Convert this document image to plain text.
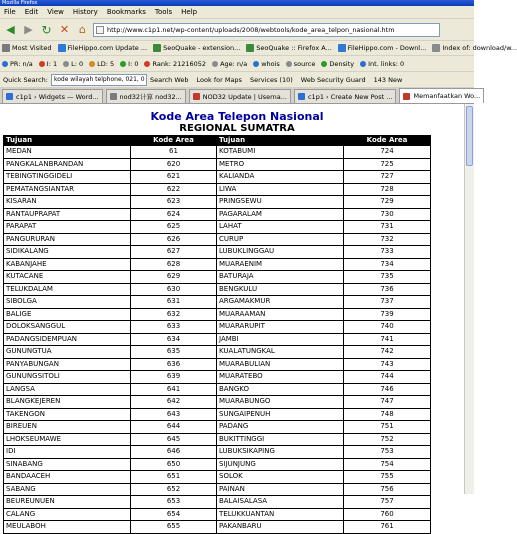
Mozilla Firefox
File Edit View History Bookmarks Tools Help
◀ ▶ ↻ ✕ ⌂	http://www.c1p1.net/wp-content/uploads/2008/webtools/kode_area_telpon_nasional.htm
Most Visited FileHippo.com Update ... SeoQuake - extension... SeoQuake :: Firefox A... FileHippo.com - Downl... Index of: download/w...
PR: n/a I: 1 L: 0 LD: 5 I: 0 Rank: 21216052 Age: n/a whois source Density Int. links: 0
Quick Search:	kode wilayah telphone, 021, 0 Search Web Look for Maps Services (10) Web Security Guard 143 New
c1p1 › Widgets — Word...	nod32计算 nod32...	NOD32 Update | Userna...	c1p1 › Create New Post ...	Memanfaatkan Wo...
Kode Area Telepon Nasional
REGIONAL SUMATRA
Tujuan	Kode Area	Tujuan	Kode Area
MEDAN	61	KOTABUMI	724
PANGKALANBRANDAN	620	METRO	725
TEBINGTINGGIDELI	621	KALIANDA	727
PEMATANGSIANTAR	622	LIWA	728
KISARAN	623	PRINGSEWU	729
RANTAUPRAPAT	624	PAGARALAM	730
PARAPAT	625	LAHAT	731
PANGURURAN	626	CURUP	732
SIDIKALANG	627	LUBUKLINGGAU	733
KABANJAHE	628	MUARAENIM	734
KUTACANE	629	BATURAJA	735
TELUKDALAM	630	BENGKULU	736
SIBOLGA	631	ARGAMAKMUR	737
BALIGE	632	MUARAAMAN	739
DOLOKSANGGUL	633	MUARARUPIT	740
PADANGSIDEMPUAN	634	JAMBI	741
GUNUNGTUA	635	KUALATUNGKAL	742
PANYABUNGAN	636	MUARABULIAN	743
GUNUNGSITOLI	639	MUARATEBO	744
LANGSA	641	BANGKO	746
BLANGKEJEREN	642	MUARABUNGO	747
TAKENGON	643	SUNGAIPENUH	748
BIREUEN	644	PADANG	751
LHOKSEUMAWE	645	BUKITTINGGI	752
IDI	646	LUBUKSIKAPING	753
SINABANG	650	SIJUNJUNG	754
BANDAACEH	651	SOLOK	755
SABANG	652	PAINAN	756
BEUREUNUEN	653	BALAISALASA	757
CALANG	654	TELUKKUANTAN	760
MEULABOH	655	PAKANBARU	761
